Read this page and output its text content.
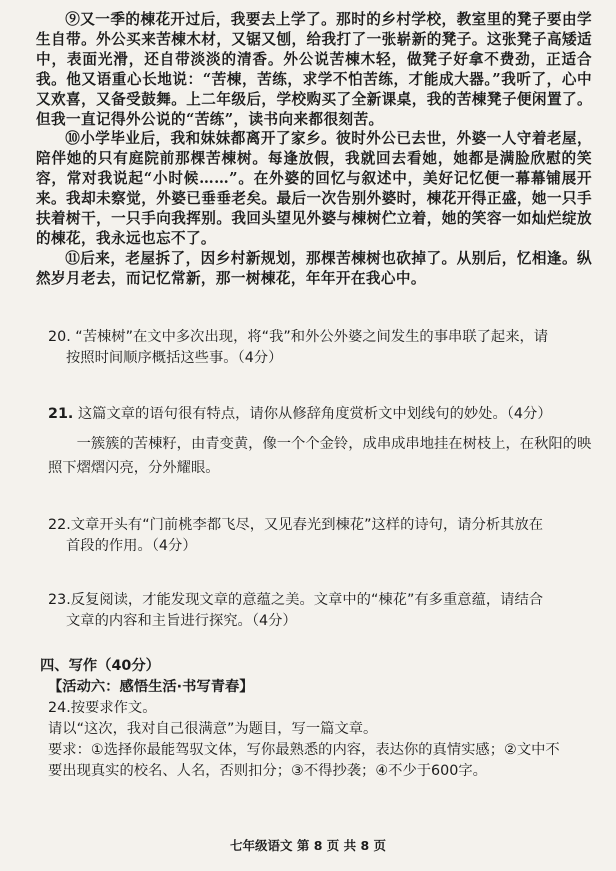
⑨又一季的棟花开过后，我要去上学了。那时的乡村学校，教室里的凳子要由学生自带。外公买来苦棟木材，又锯又刨，给我打了一张崭新的凳子。这张凳子高矮适中，表面光滑，还自带淡淡的清香。外公说苦棟木轻，做凳子好拿不费劲，正适合我。他又语重心长地说：“苦棟，苦练，求学不怕苦练，才能成大器。”我听了，心中又欢喜，又备受鼓舞。上二年级后，学校购买了全新课桌，我的苦棟凳子便闲置了。但我一直记得外公说的“苦练”，读书向来都很刻苦。

⑩小学毕业后，我和妹妹都离开了家乡。彼时外公已去世，外婆一人守着老屋，陪伴她的只有庭院前那棵苦棟树。每逢放假，我就回去看她，她都是满脸欣慰的笑容，常对我说起“小时候……”。在外婆的回忆与叙述中，美好记忆便一幕幕铺展开来。我却未察觉，外婆已垂垂老矣。最后一次告别外婆时，棟花开得正盛，她一只手扶着树干，一只手向我挥别。我回头望见外婆与棟树伫立着，她的笑容一如灿烂绽放的棟花，我永远也忘不了。

⑪后来，老屋拆了，因乡村新规划，那棵苦棟树也砍掉了。从别后，忆相逢。纵然岁月老去，而记忆常新，那一树棟花，年年开在我心中。

20. “苦棟树”在文中多次出现，将“我”和外公外婆之间发生的事串联了起来，请
按照时间顺序概括这些事。（4分）
21. 这篇文章的语句很有特点，请你从修辞角度赏析文中划线句的妙处。（4分）
一簇簇的苦棟籽，由青变黄，像一个个金铃，成串成串地挂在树枝上，在秋阳的映照下熠熠闪亮，分外耀眼。
22.文章开头有“门前桃李都飞尽，又见春光到棟花”这样的诗句，请分析其放在
首段的作用。（4分）
23.反复阅读，才能发现文章的意蕴之美。文章中的“棟花”有多重意蕴，请结合
文章的内容和主旨进行探究。（4分）
四、写作（40分）
【活动六：感悟生活·书写青春】
24.按要求作文。
请以“这次，我对自己很满意”为题目，写一篇文章。
要求：①选择你最能驾驭文体，写你最熟悉的内容，表达你的真情实感；②文中不
要出现真实的校名、人名，否则扣分；③不得抄袭；④不少于600字。
七年级语文 第 8 页 共 8 页
